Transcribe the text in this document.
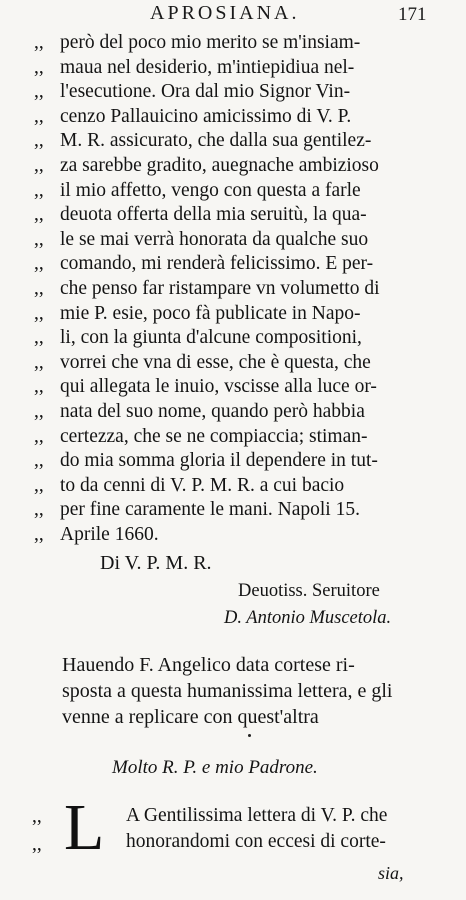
APROSIANA.	171
,, però del poco mio merito se m'insiam-
,, maua nel desiderio, m'intiepidiua nel-
,, l'esecutione. Ora dal mio Signor Vin-
,, cenzo Pallauicino amicissimo di V. P.
,, M. R. assicurato, che dalla sua gentilez-
,, za sarebbe gradito, auegnache ambizioso
,, il mio affetto, vengo con questa a farle
,, deuota offerta della mia seruitù, la qua-
,, le se mai verrà honorata da qualche suo
,, comando, mi renderà felicissimo. E per-
,, che penso far ristampare vn volumetto di
,, mie P. esie, poco fà publicate in Napo-
,, li, con la giunta d'alcune compositioni,
,, vorrei che vna di esse, che è questa, che
,, qui allegata le inuio, vscisse alla luce or-
,, nata del suo nome, quando però habbia
,, certezza, che se ne compiaccia; stiman-
,, do mia somma gloria il dependere in tut-
,, to da cenni di V. P. M. R. a cui bacio
,, per fine caramente le mani. Napoli 15.
,, Aprile 1660.
Di V. P. M. R.
Deuotiss. Seruitore
D. Antonio Muscetola.
Hauendo F. Angelico data cortese ri-
sposta a questa humanissima lettera, e gli
venne a replicare con quest'altra
Molto R. P. e mio Padrone.
,,
,, L A Gentilissima lettera di V. P. che
honorandomi con eccesi di corte-
sia,
